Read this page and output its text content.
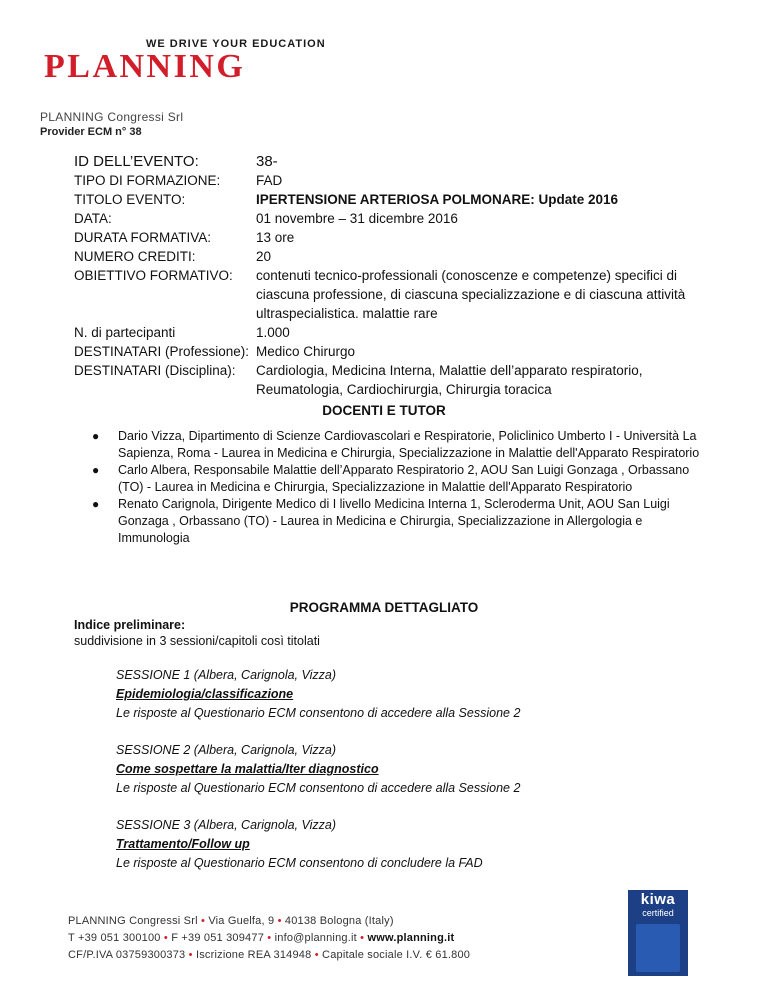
WE DRIVE YOUR EDUCATION
PLANNING
PLANNING Congressi Srl
Provider ECM n° 38
ID DELL’EVENTO:	38-
TIPO DI FORMAZIONE:	FAD
TITOLO EVENTO:	IPERTENSIONE ARTERIOSA POLMONARE: Update 2016
DATA:	01 novembre – 31 dicembre 2016
DURATA FORMATIVA:	13 ore
NUMERO CREDITI:	20
OBIETTIVO FORMATIVO:	contenuti tecnico-professionali (conoscenze e competenze) specifici di ciascuna professione, di ciascuna specializzazione e di ciascuna attività ultraspecialistica. malattie rare
N. di partecipanti	1.000
DESTINATARI (Professione): Medico Chirurgo
DESTINATARI (Disciplina):	Cardiologia, Medicina Interna, Malattie dell’apparato respiratorio, Reumatologia, Cardiochirurgia, Chirurgia toracica
DOCENTI E TUTOR
● Dario Vizza, Dipartimento di Scienze Cardiovascolari e Respiratorie, Policlinico Umberto I - Università La Sapienza, Roma - Laurea in Medicina e Chirurgia, Specializzazione in Malattie dell'Apparato Respiratorio
● Carlo Albera, Responsabile Malattie dell’Apparato Respiratorio 2, AOU San Luigi Gonzaga , Orbassano (TO) - Laurea in Medicina e Chirurgia, Specializzazione in Malattie dell'Apparato Respiratorio
● Renato Carignola, Dirigente Medico di I livello Medicina Interna 1, Scleroderma Unit, AOU San Luigi Gonzaga , Orbassano (TO) - Laurea in Medicina e Chirurgia, Specializzazione in Allergologia e Immunologia
PROGRAMMA DETTAGLIATO
Indice preliminare:
suddivisione in 3 sessioni/capitoli così titolati
SESSIONE 1 (Albera, Carignola, Vizza)
Epidemiologia/classificazione
Le risposte al Questionario ECM consentono di accedere alla Sessione 2
SESSIONE 2 (Albera, Carignola, Vizza)
Come sospettare la malattia/Iter diagnostico
Le risposte al Questionario ECM consentono di accedere alla Sessione 2
SESSIONE 3 (Albera, Carignola, Vizza)
Trattamento/Follow up
Le risposte al Questionario ECM consentono di concludere la FAD
PLANNING Congressi Srl • Via Guelfa, 9 • 40138 Bologna (Italy)
T +39 051 300100 • F +39 051 309477 • info@planning.it • www.planning.it
CF/P.IVA 03759300373 • Iscrizione REA 314948 • Capitale sociale I.V. € 61.800
kiwa
certified
